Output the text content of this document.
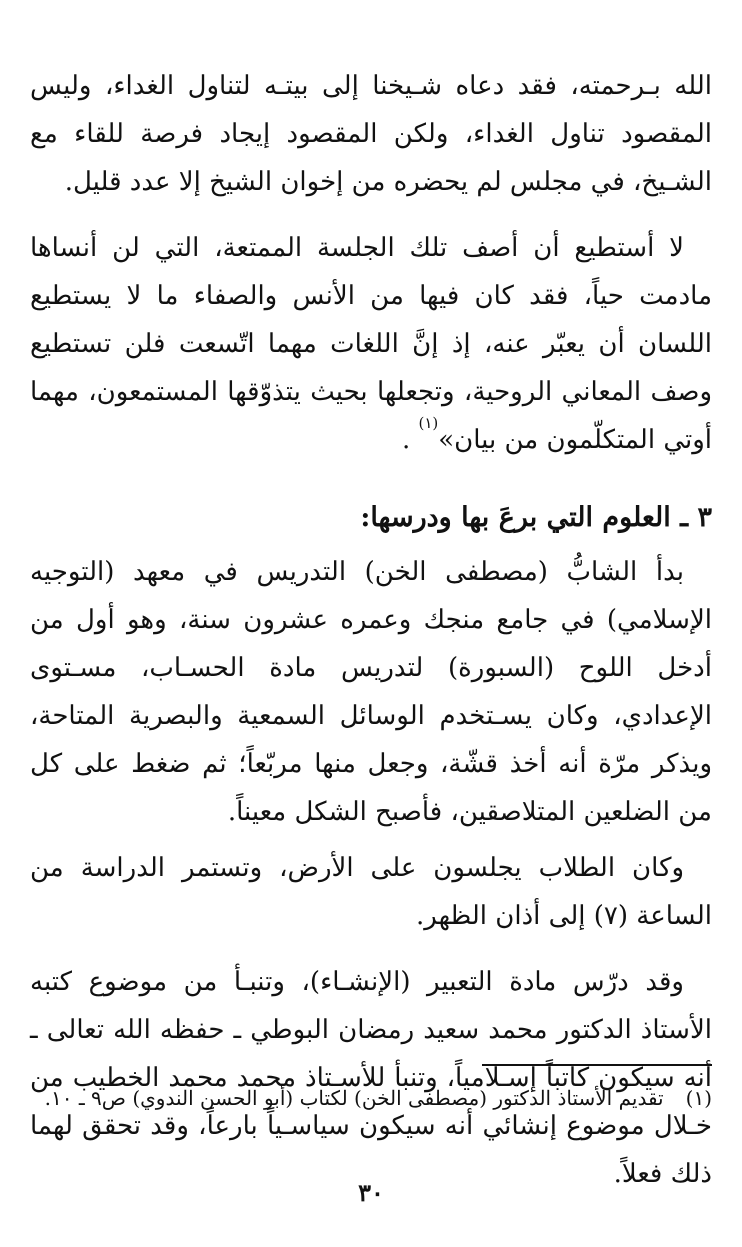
الله بـرحمته، فقد دعاه شـيخنا إلى بيتـه لتناول الغداء، وليس المقصود تناول الغداء، ولكن المقصود إيجاد فرصة للقاء مع الشـيخ، في مجلس لم يحضره من إخوان الشيخ إلا عدد قليل.

لا أستطيع أن أصف تلك الجلسة الممتعة، التي لن أنساها مادمت حياً، فقد كان فيها من الأنس والصفاء ما لا يستطيع اللسان أن يعبّر عنه، إذ إنَّ اللغات مهما اتّسعت فلن تستطيع وصف المعاني الروحية، وتجعلها بحيث يتذوّقها المستمعون، مهما أوتي المتكلّمون من بيان»$^{(١)}$ .

٣ ـ العلوم التي برعَ بها ودرسها:

بدأ الشابُّ (مصطفى الخن) التدريس في معهد (التوجيه الإسلامي) في جامع منجك وعمره عشرون سنة، وهو أول من أدخل اللوح (السبورة) لتدريس مادة الحسـاب، مسـتوى الإعدادي، وكان يسـتخدم الوسائل السمعية والبصرية المتاحة، ويذكر مرّة أنه أخذ قشّة، وجعل منها مربّعاً؛ ثم ضغط على كل من الضلعين المتلاصقين، فأصبح الشكل معيناً.

وكان الطلاب يجلسون على الأرض، وتستمر الدراسة من الساعة (٧) إلى أذان الظهر.

وقد درّس مادة التعبير (الإنشـاء)، وتنبـأ من موضوع كتبه الأستاذ الدكتور محمد سعيد رمضان البوطي ـ حفظه الله تعالى ـ أنه سيكون كاتباً إسـلامياً، وتنبأ للأسـتاذ محمد محمد الخطيب من خـلال موضوع إنشائي أنه سيكون سياسـياً بارعاً، وقد تحقق لهما ذلك فعلاً.

(١)تقديم الأستاذ الدكتور (مصطفى الخن) لكتاب (أبو الحسن الندوي) ص٩ ـ ١٠.

٣٠
